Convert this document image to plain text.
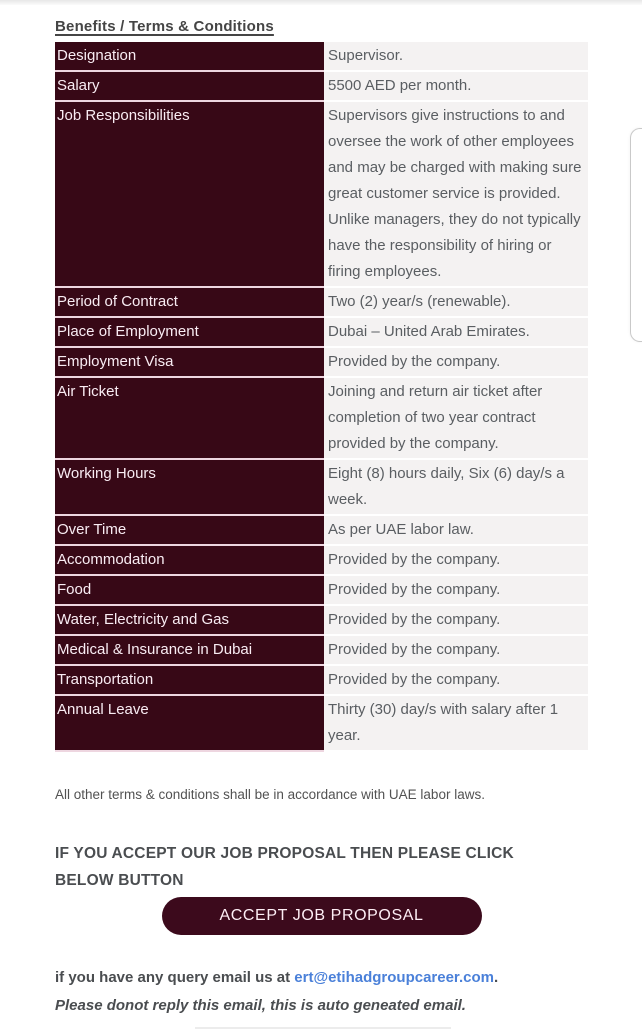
Benefits / Terms & Conditions
Designation	Supervisor.
Salary	5500 AED per month.
Job Responsibilities	Supervisors give instructions to and oversee the work of other employees and may be charged with making sure great customer service is provided. Unlike managers, they do not typically have the responsibility of hiring or firing employees.
Period of Contract	Two (2) year/s (renewable).
Place of Employment	Dubai – United Arab Emirates.
Employment Visa	Provided by the company.
Air Ticket	Joining and return air ticket after completion of two year contract provided by the company.
Working Hours	Eight (8) hours daily, Six (6) day/s a week.
Over Time	As per UAE labor law.
Accommodation	Provided by the company.
Food	Provided by the company.
Water, Electricity and Gas	Provided by the company.
Medical & Insurance in Dubai	Provided by the company.
Transportation	Provided by the company.
Annual Leave	Thirty (30) day/s with salary after 1 year.

All other terms & conditions shall be in accordance with UAE labor laws.

IF YOU ACCEPT OUR JOB PROPOSAL THEN PLEASE CLICK BELOW BUTTON

ACCEPT JOB PROPOSAL

if you have any query email us at ert@etihadgroupcareer.com.

Please donot reply this email, this is auto geneated email.
